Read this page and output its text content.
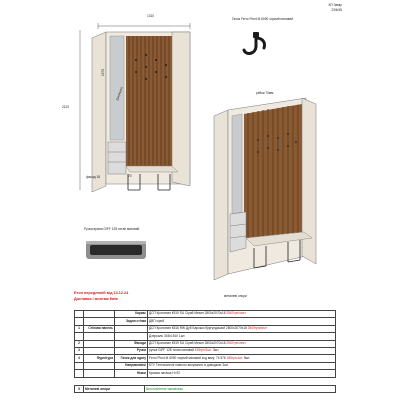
КП Замір
23/6/45
1310
2120
70
фасад 18
1570
Дзеркало
Гачок Ferro Piont М 6090 чорний матовий
рейки 70мм
металеві опори
Ручка врізна GIFF 128 титан матовий
Eтон передлоній від 13.12.24
Доставка і монтаж Київ
		Каркас	ДСП Кронопан К519 SU Сірий Мезин 2800x2070x18 2567грн/лист
		Задня стінка	ДВП сірий
1	Стінова панель		ДСП Кронопан К516 RW Дуб Барокко бургундський 2800x2070x18 3549грн/лист
			Дзеркало 345x1510 1шт.
2		Фасади	ДСП Кронопан К519 SU Сірий Мезин 2800x2070x18 2567грн/лист
3		Ручки	ручка GIFF 128 титан матовий 195грн/1шт. 3шт.
4	Фурнітура	Гачок для одягу	Ferro Piont М 6090 чорний матовий код вику: 74 576 185грн./шт. 9шт.
		Направляючі	БТУ Телескопічні повного висування із доводкою 3шт.
		Ніжки	Кромка насічка Н=92
5	Металеві опори	Виготовлення замовника
